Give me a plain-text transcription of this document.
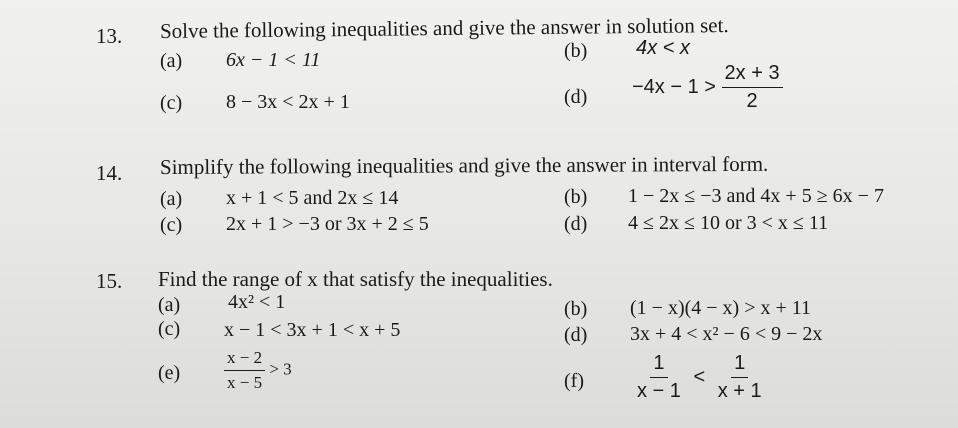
13. Solve the following inequalities and give the answer in solution set.
(a) 6x − 1 < 11	(b) 4x < x
(c) 8 − 3x < 2x + 1	$(d) -4x - 1 > \frac{2x + 3}{2}$
14. Simplify the following inequalities and give the answer in interval form.
(a) x + 1 < 5 and 2x ≤ 14	(b) 1 − 2x ≤ −3 and 4x + 5 ≥ 6x − 7
(c) 2x + 1 > −3 or 3x + 2 ≤ 5	(d) 4 ≤ 2x ≤ 10 or 3 < x ≤ 11
15. Find the range of x that satisfy the inequalities.
(a) 4x² < 1	(b) (1 − x)(4 − x) > x + 11
(c) x − 1 < 3x + 1 < x + 5	(d) 3x + 4 < x² − 6 < 9 − 2x
(e)	$\frac{x - 2}{x - 5} > 3$
(f)	$\frac{1}{x - 1} < \frac{1}{x + 1}$
